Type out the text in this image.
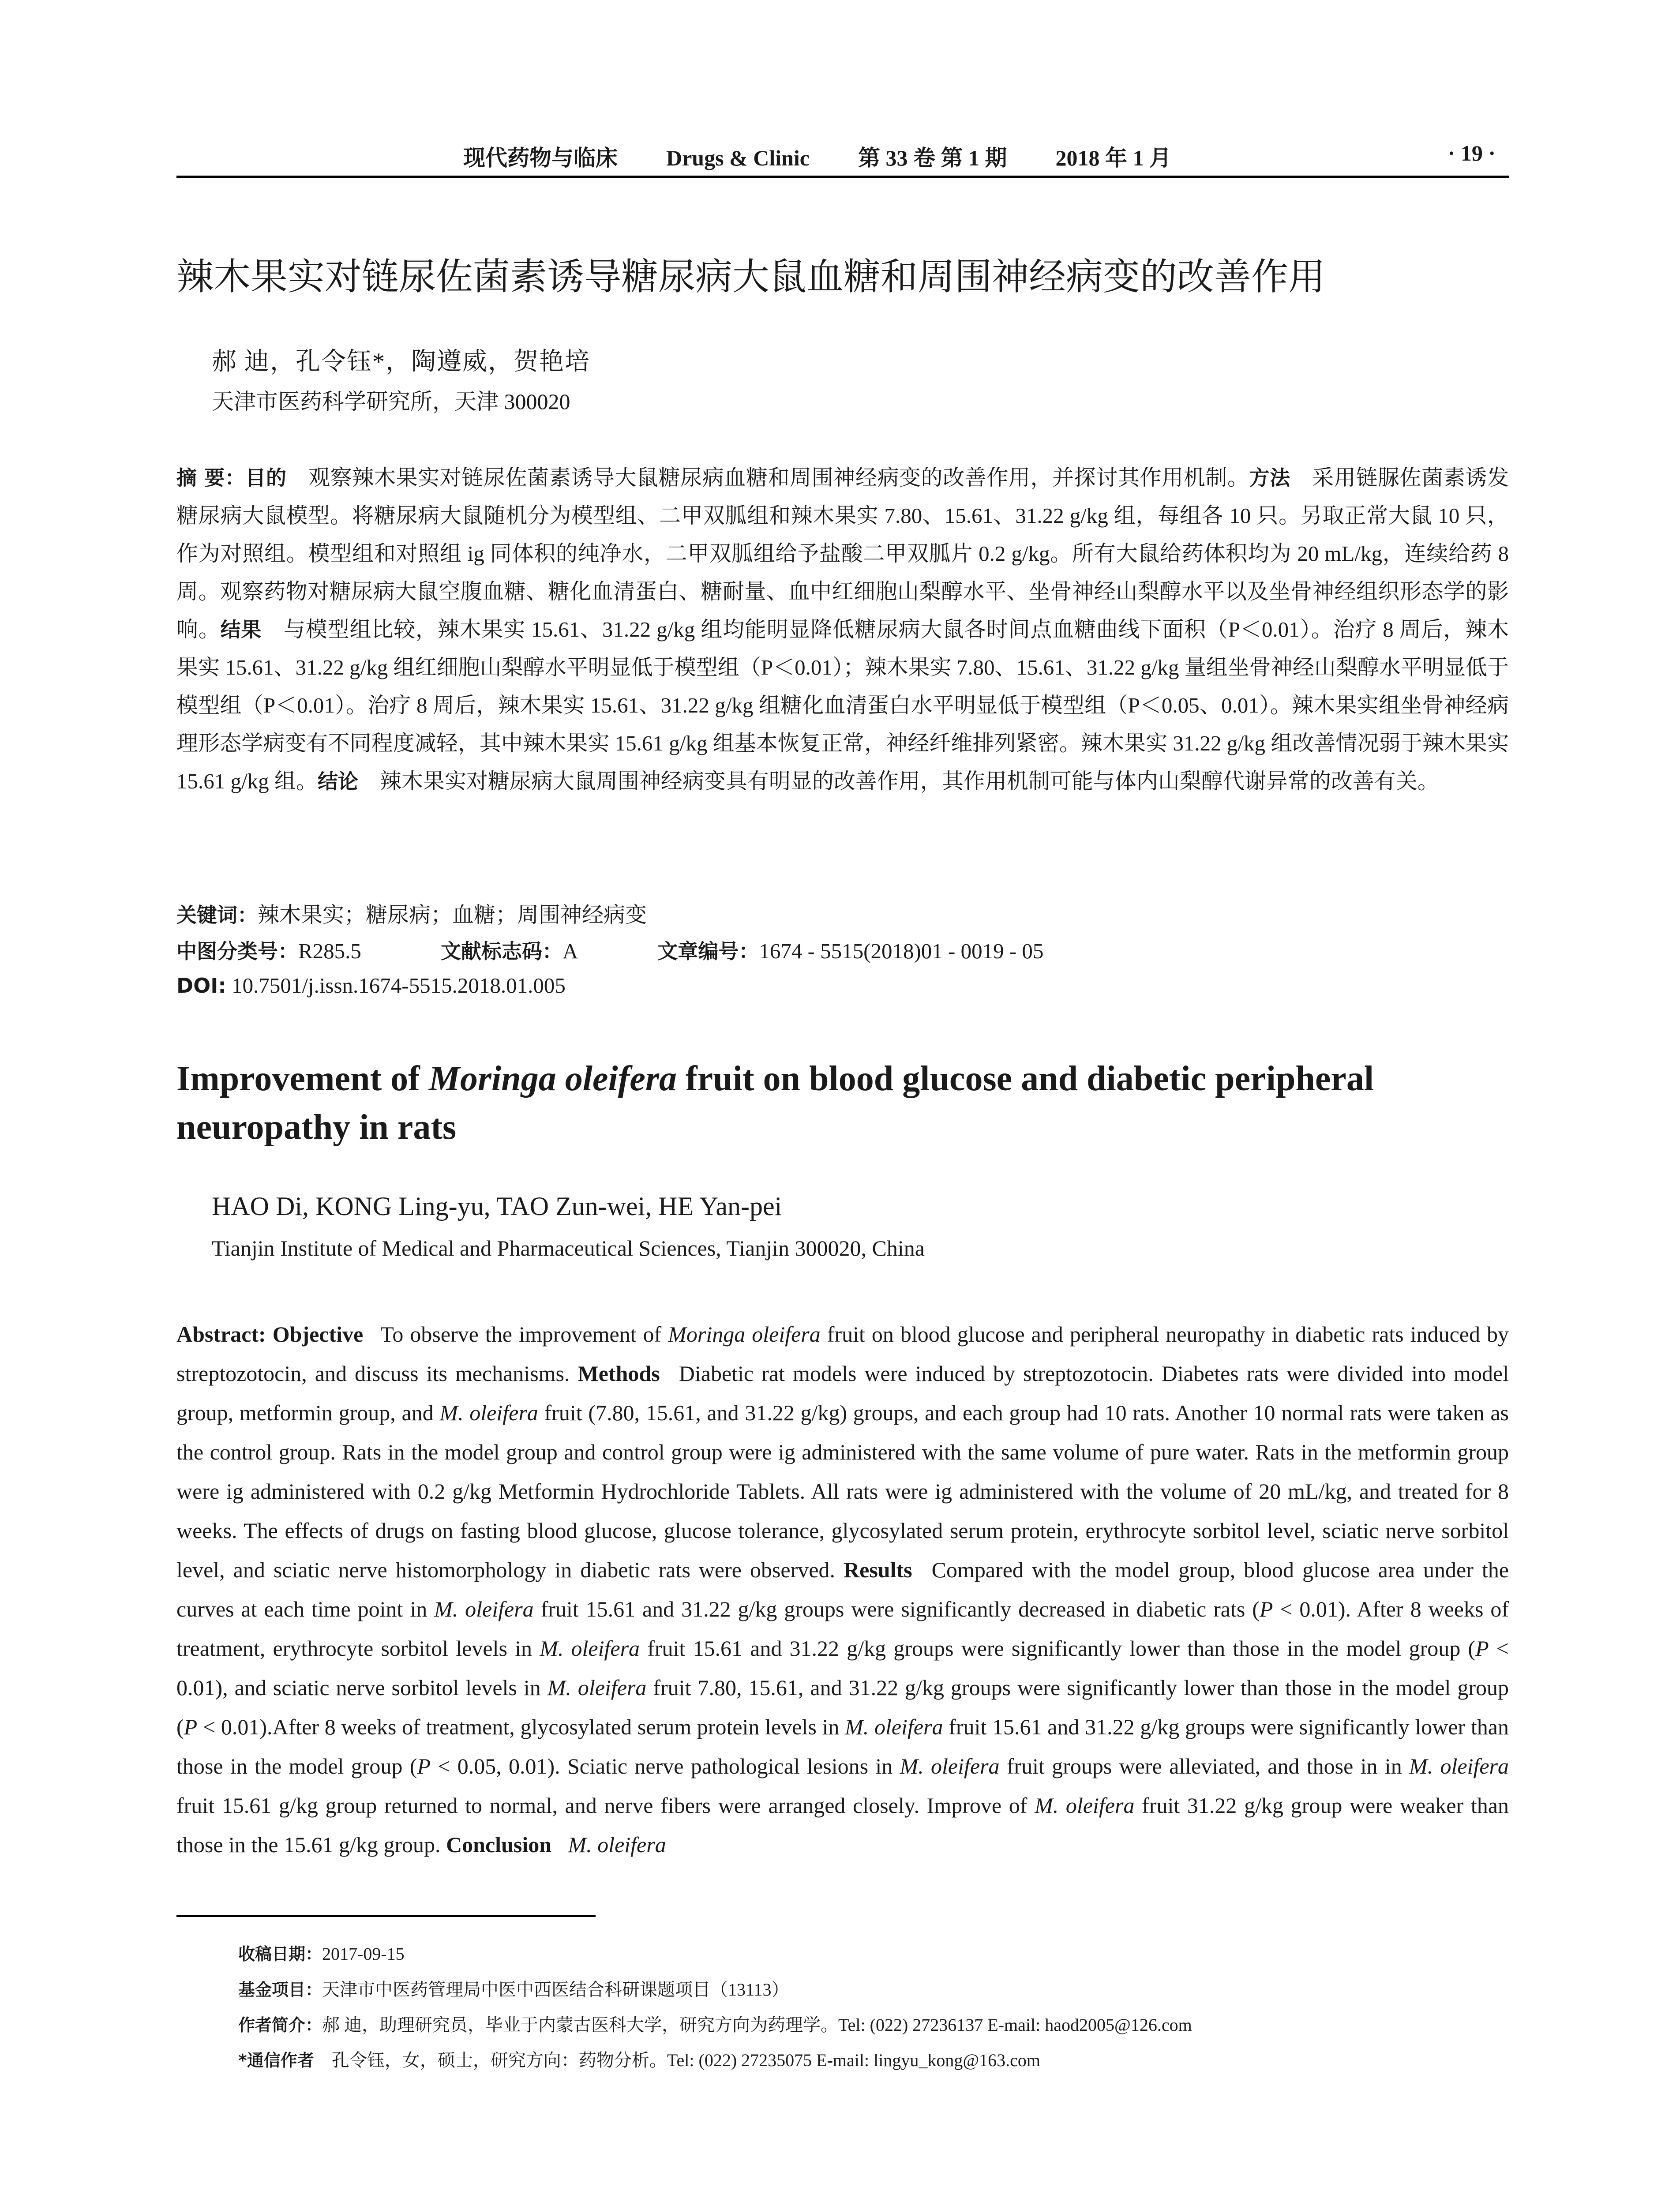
现代药物与临床 Drugs & Clinic 第 33 卷 第 1 期 2018 年 1 月	· 19 ·
辣木果实对链尿佐菌素诱导糖尿病大鼠血糖和周围神经病变的改善作用
郝 迪，孔令钰*，陶遵威，贺艳培
天津市医药科学研究所，天津 300020
摘 要：目的  观察辣木果实对链尿佐菌素诱导大鼠糖尿病血糖和周围神经病变的改善作用，并探讨其作用机制。方法  采用链脲佐菌素诱发糖尿病大鼠模型。将糖尿病大鼠随机分为模型组、二甲双胍组和辣木果实 7.80、15.61、31.22 g/kg 组，每组各 10 只。另取正常大鼠 10 只，作为对照组。模型组和对照组 ig 同体积的纯净水，二甲双胍组给予盐酸二甲双胍片 0.2 g/kg。所有大鼠给药体积均为 20 mL/kg，连续给药 8 周。观察药物对糖尿病大鼠空腹血糖、糖化血清蛋白、糖耐量、血中红细胞山梨醇水平、坐骨神经山梨醇水平以及坐骨神经组织形态学的影响。结果  与模型组比较，辣木果实 15.61、31.22 g/kg 组均能明显降低糖尿病大鼠各时间点血糖曲线下面积（P＜0.01）。治疗 8 周后，辣木果实 15.61、31.22 g/kg 组红细胞山梨醇水平明显低于模型组（P＜0.01）；辣木果实 7.80、15.61、31.22 g/kg 量组坐骨神经山梨醇水平明显低于模型组（P＜0.01）。治疗 8 周后，辣木果实 15.61、31.22 g/kg 组糖化血清蛋白水平明显低于模型组（P＜0.05、0.01）。辣木果实组坐骨神经病理形态学病变有不同程度减轻，其中辣木果实 15.61 g/kg 组基本恢复正常，神经纤维排列紧密。辣木果实 31.22 g/kg 组改善情况弱于辣木果实 15.61 g/kg 组。结论  辣木果实对糖尿病大鼠周围神经病变具有明显的改善作用，其作用机制可能与体内山梨醇代谢异常的改善有关。
关键词：辣木果实；糖尿病；血糖；周围神经病变
中图分类号：R285.5	文献标志码：A	文章编号：1674 - 5515(2018)01 - 0019 - 05
DOI: 10.7501/j.issn.1674-5515.2018.01.005
Improvement of Moringa oleifera fruit on blood glucose and diabetic peripheral neuropathy in rats
HAO Di, KONG Ling-yu, TAO Zun-wei, HE Yan-pei
Tianjin Institute of Medical and Pharmaceutical Sciences, Tianjin 300020, China
Abstract: Objective  To observe the improvement of Moringa oleifera fruit on blood glucose and peripheral neuropathy in diabetic rats induced by streptozotocin, and discuss its mechanisms. Methods  Diabetic rat models were induced by streptozotocin. Diabetes rats were divided into model group, metformin group, and M. oleifera fruit (7.80, 15.61, and 31.22 g/kg) groups, and each group had 10 rats. Another 10 normal rats were taken as the control group. Rats in the model group and control group were ig administered with the same volume of pure water. Rats in the metformin group were ig administered with 0.2 g/kg Metformin Hydrochloride Tablets. All rats were ig administered with the volume of 20 mL/kg, and treated for 8 weeks. The effects of drugs on fasting blood glucose, glucose tolerance, glycosylated serum protein, erythrocyte sorbitol level, sciatic nerve sorbitol level, and sciatic nerve histomorphology in diabetic rats were observed. Results  Compared with the model group, blood glucose area under the curves at each time point in M. oleifera fruit 15.61 and 31.22 g/kg groups were significantly decreased in diabetic rats (P < 0.01). After 8 weeks of treatment, erythrocyte sorbitol levels in M. oleifera fruit 15.61 and 31.22 g/kg groups were significantly lower than those in the model group (P < 0.01), and sciatic nerve sorbitol levels in M. oleifera fruit 7.80, 15.61, and 31.22 g/kg groups were significantly lower than those in the model group (P < 0.01).After 8 weeks of treatment, glycosylated serum protein levels in M. oleifera fruit 15.61 and 31.22 g/kg groups were significantly lower than those in the model group (P < 0.05, 0.01). Sciatic nerve pathological lesions in M. oleifera fruit groups were alleviated, and those in in M. oleifera fruit 15.61 g/kg group returned to normal, and nerve fibers were arranged closely. Improve of M. oleifera fruit 31.22 g/kg group were weaker than those in the 15.61 g/kg group. Conclusion  M. oleifera
收稿日期：2017-09-15
基金项目：天津市中医药管理局中医中西医结合科研课题项目（13113）
作者简介：郝 迪，助理研究员，毕业于内蒙古医科大学，研究方向为药理学。Tel: (022) 27236137 E-mail: haod2005@126.com
*通信作者  孔令钰，女，硕士，研究方向：药物分析。Tel: (022) 27235075 E-mail: lingyu_kong@163.com
